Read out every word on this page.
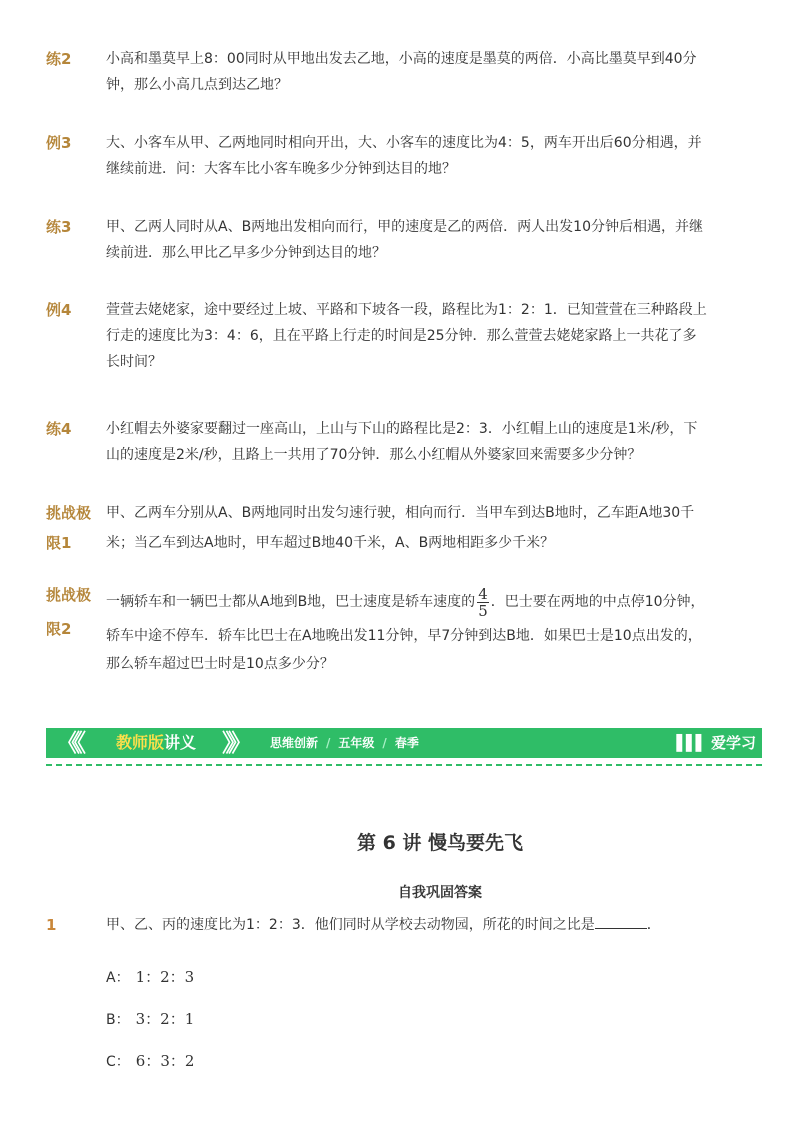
练2	小高和墨莫早上8：00同时从甲地出发去乙地，小高的速度是墨莫的两倍．小高比墨莫早到40分
钟，那么小高几点到达乙地？
例3	大、小客车从甲、乙两地同时相向开出，大、小客车的速度比为4：5，两车开出后60分相遇，并
继续前进．问：大客车比小客车晚多少分钟到达目的地？
练3	甲、乙两人同时从A、B两地出发相向而行，甲的速度是乙的两倍．两人出发10分钟后相遇，并继
续前进．那么甲比乙早多少分钟到达目的地？
例4	萱萱去姥姥家，途中要经过上坡、平路和下坡各一段，路程比为1：2：1．已知萱萱在三种路段上
行走的速度比为3：4：6，且在平路上行走的时间是25分钟．那么萱萱去姥姥家路上一共花了多
长时间？
练4	小红帽去外婆家要翻过一座高山，上山与下山的路程比是2：3．小红帽上山的速度是1米/秒，下
山的速度是2米/秒，且路上一共用了70分钟．那么小红帽从外婆家回来需要多少分钟？
挑战极
限1
甲、乙两车分别从A、B两地同时出发匀速行驶，相向而行．当甲车到达B地时，乙车距A地30千
米；当乙车到达A地时，甲车超过B地40千米，A、B两地相距多少千米？
挑战极
限2
一辆轿车和一辆巴士都从A地到B地，巴士速度是轿车速度的 $\frac{4}{5}$ ．巴士要在两地的中点停10分钟，
轿车中途不停车．轿车比巴士在A地晚出发11分钟，早7分钟到达B地．如果巴士是10点出发的，
那么轿车超过巴士时是10点多少分？
《《 教师版讲义 》》 思维创新 / 五年级 / 春季	▌▌▌ 爱学习
第 6 讲 慢鸟要先飞
自我巩固答案
1	甲、乙、丙的速度比为1：2：3．他们同时从学校去动物园，所花的时间之比是	．
A： 1：2：3
B： 3：2：1
C： 6：3：2
